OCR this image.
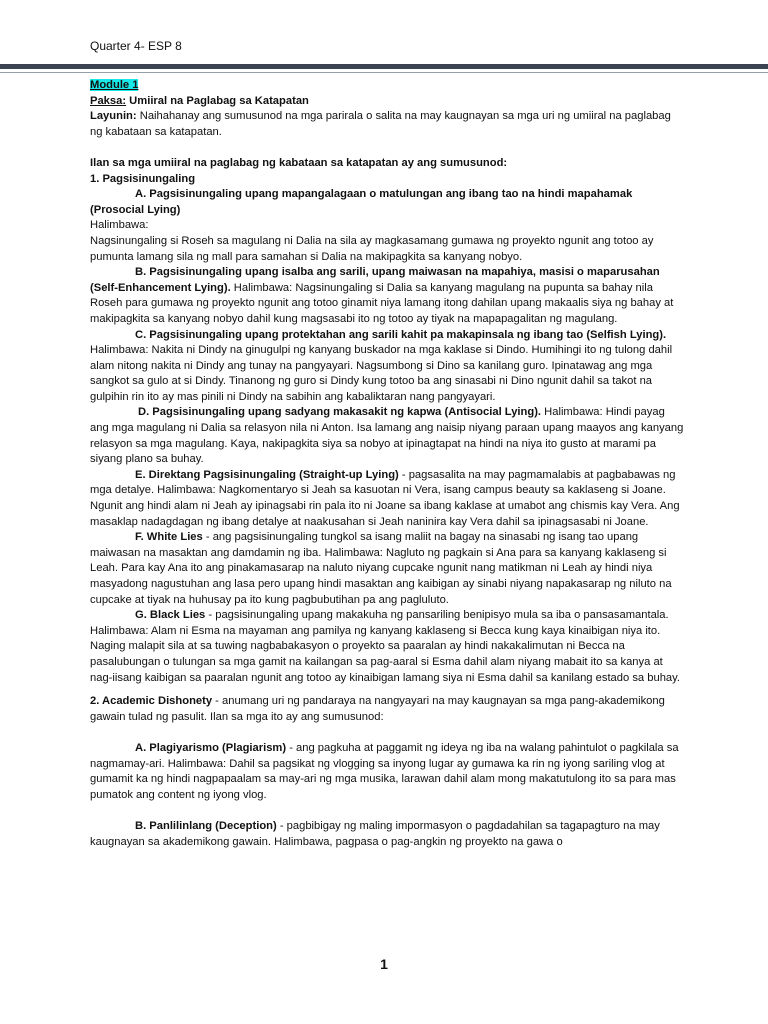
Quarter 4- ESP 8

Module 1

Paksa: Umiiral na Paglabag sa Katapatan

Layunin: Naihahanay ang sumusunod na mga parirala o salita na may kaugnayan sa mga uri ng umiiral na paglabag ng kabataan sa katapatan.

Ilan sa mga umiiral na paglabag ng kabataan sa katapatan ay ang sumusunod:

1. Pagsisinungaling

A. Pagsisinungaling upang mapangalagaan o matulungan ang ibang tao na hindi mapahamak (Prosocial Lying)

Halimbawa:

Nagsinungaling si Roseh sa magulang ni Dalia na sila ay magkasamang gumawa ng proyekto ngunit ang totoo ay pumunta lamang sila ng mall para samahan si Dalia na makipagkita sa kanyang nobyo.

B. Pagsisinungaling upang isalba ang sarili, upang maiwasan na mapahiya, masisi o maparusahan (Self-Enhancement Lying). Halimbawa: Nagsinungaling si Dalia sa kanyang magulang na pupunta sa bahay nila Roseh para gumawa ng proyekto ngunit ang totoo ginamit niya lamang itong dahilan upang makaalis siya ng bahay at makipagkita sa kanyang nobyo dahil kung magsasabi ito ng totoo ay tiyak na mapapagalitan ng magulang.

C. Pagsisinungaling upang protektahan ang sarili kahit pa makapinsala ng ibang tao (Selfish Lying). Halimbawa: Nakita ni Dindy na ginugulpi ng kanyang buskador na mga kaklase si Dindo. Humihingi ito ng tulong dahil alam nitong nakita ni Dindy ang tunay na pangyayari. Nagsumbong si Dino sa kanilang guro. Ipinatawag ang mga sangkot sa gulo at si Dindy. Tinanong ng guro si Dindy kung totoo ba ang sinasabi ni Dino ngunit dahil sa takot na gulpihin rin ito ay mas pinili ni Dindy na sabihin ang kabaliktaran nang pangyayari.

D. Pagsisinungaling upang sadyang makasakit ng kapwa (Antisocial Lying). Halimbawa: Hindi payag ang mga magulang ni Dalia sa relasyon nila ni Anton. Isa lamang ang naisip niyang paraan upang maayos ang kanyang relasyon sa mga magulang. Kaya, nakipagkita siya sa nobyo at ipinagtapat na hindi na niya ito gusto at marami pa siyang plano sa buhay.

E. Direktang Pagsisinungaling (Straight-up Lying) - pagsasalita na may pagmamalabis at pagbabawas ng mga detalye. Halimbawa: Nagkomentaryo si Jeah sa kasuotan ni Vera, isang campus beauty sa kaklaseng si Joane. Ngunit ang hindi alam ni Jeah ay ipinagsabi rin pala ito ni Joane sa ibang kaklase at umabot ang chismis kay Vera. Ang masaklap nadagdagan ng ibang detalye at naakusahan si Jeah naninira kay Vera dahil sa ipinagsasabi ni Joane.

F. White Lies - ang pagsisinungaling tungkol sa isang maliit na bagay na sinasabi ng isang tao upang maiwasan na masaktan ang damdamin ng iba. Halimbawa: Nagluto ng pagkain si Ana para sa kanyang kaklaseng si Leah. Para kay Ana ito ang pinakamasarap na naluto niyang cupcake ngunit nang matikman ni Leah ay hindi niya masyadong nagustuhan ang lasa pero upang hindi masaktan ang kaibigan ay sinabi niyang napakasarap ng niluto na cupcake at tiyak na huhusay pa ito kung pagbubutihan pa ang pagluluto.

G. Black Lies - pagsisinungaling upang makakuha ng pansariling benipisyo mula sa iba o pansasamantala. Halimbawa: Alam ni Esma na mayaman ang pamilya ng kanyang kaklaseng si Becca kung kaya kinaibigan niya ito. Naging malapit sila at sa tuwing nagbabakasyon o proyekto sa paaralan ay hindi nakakalimutan ni Becca na pasalubungan o tulungan sa mga gamit na kailangan sa pag-aaral si Esma dahil alam niyang mabait ito sa kanya at nag-iisang kaibigan sa paaralan ngunit ang totoo ay kinaibigan lamang siya ni Esma dahil sa kanilang estado sa buhay.

2. Academic Dishonety - anumang uri ng pandaraya na nangyayari na may kaugnayan sa mga pang-akademikong gawain tulad ng pasulit. Ilan sa mga ito ay ang sumusunod:

A. Plagiyarismo (Plagiarism) - ang pagkuha at paggamit ng ideya ng iba na walang pahintulot o pagkilala sa nagmamay-ari. Halimbawa: Dahil sa pagsikat ng vlogging sa inyong lugar ay gumawa ka rin ng iyong sariling vlog at gumamit ka ng hindi nagpapaalam sa may-ari ng mga musika, larawan dahil alam mong makatutulong ito sa para mas pumatok ang content ng iyong vlog.

B. Panlilinlang (Deception) - pagbibigay ng maling impormasyon o pagdadahilan sa tagapagturo na may kaugnayan sa akademikong gawain. Halimbawa, pagpasa o pag-angkin ng proyekto na gawa o

1
